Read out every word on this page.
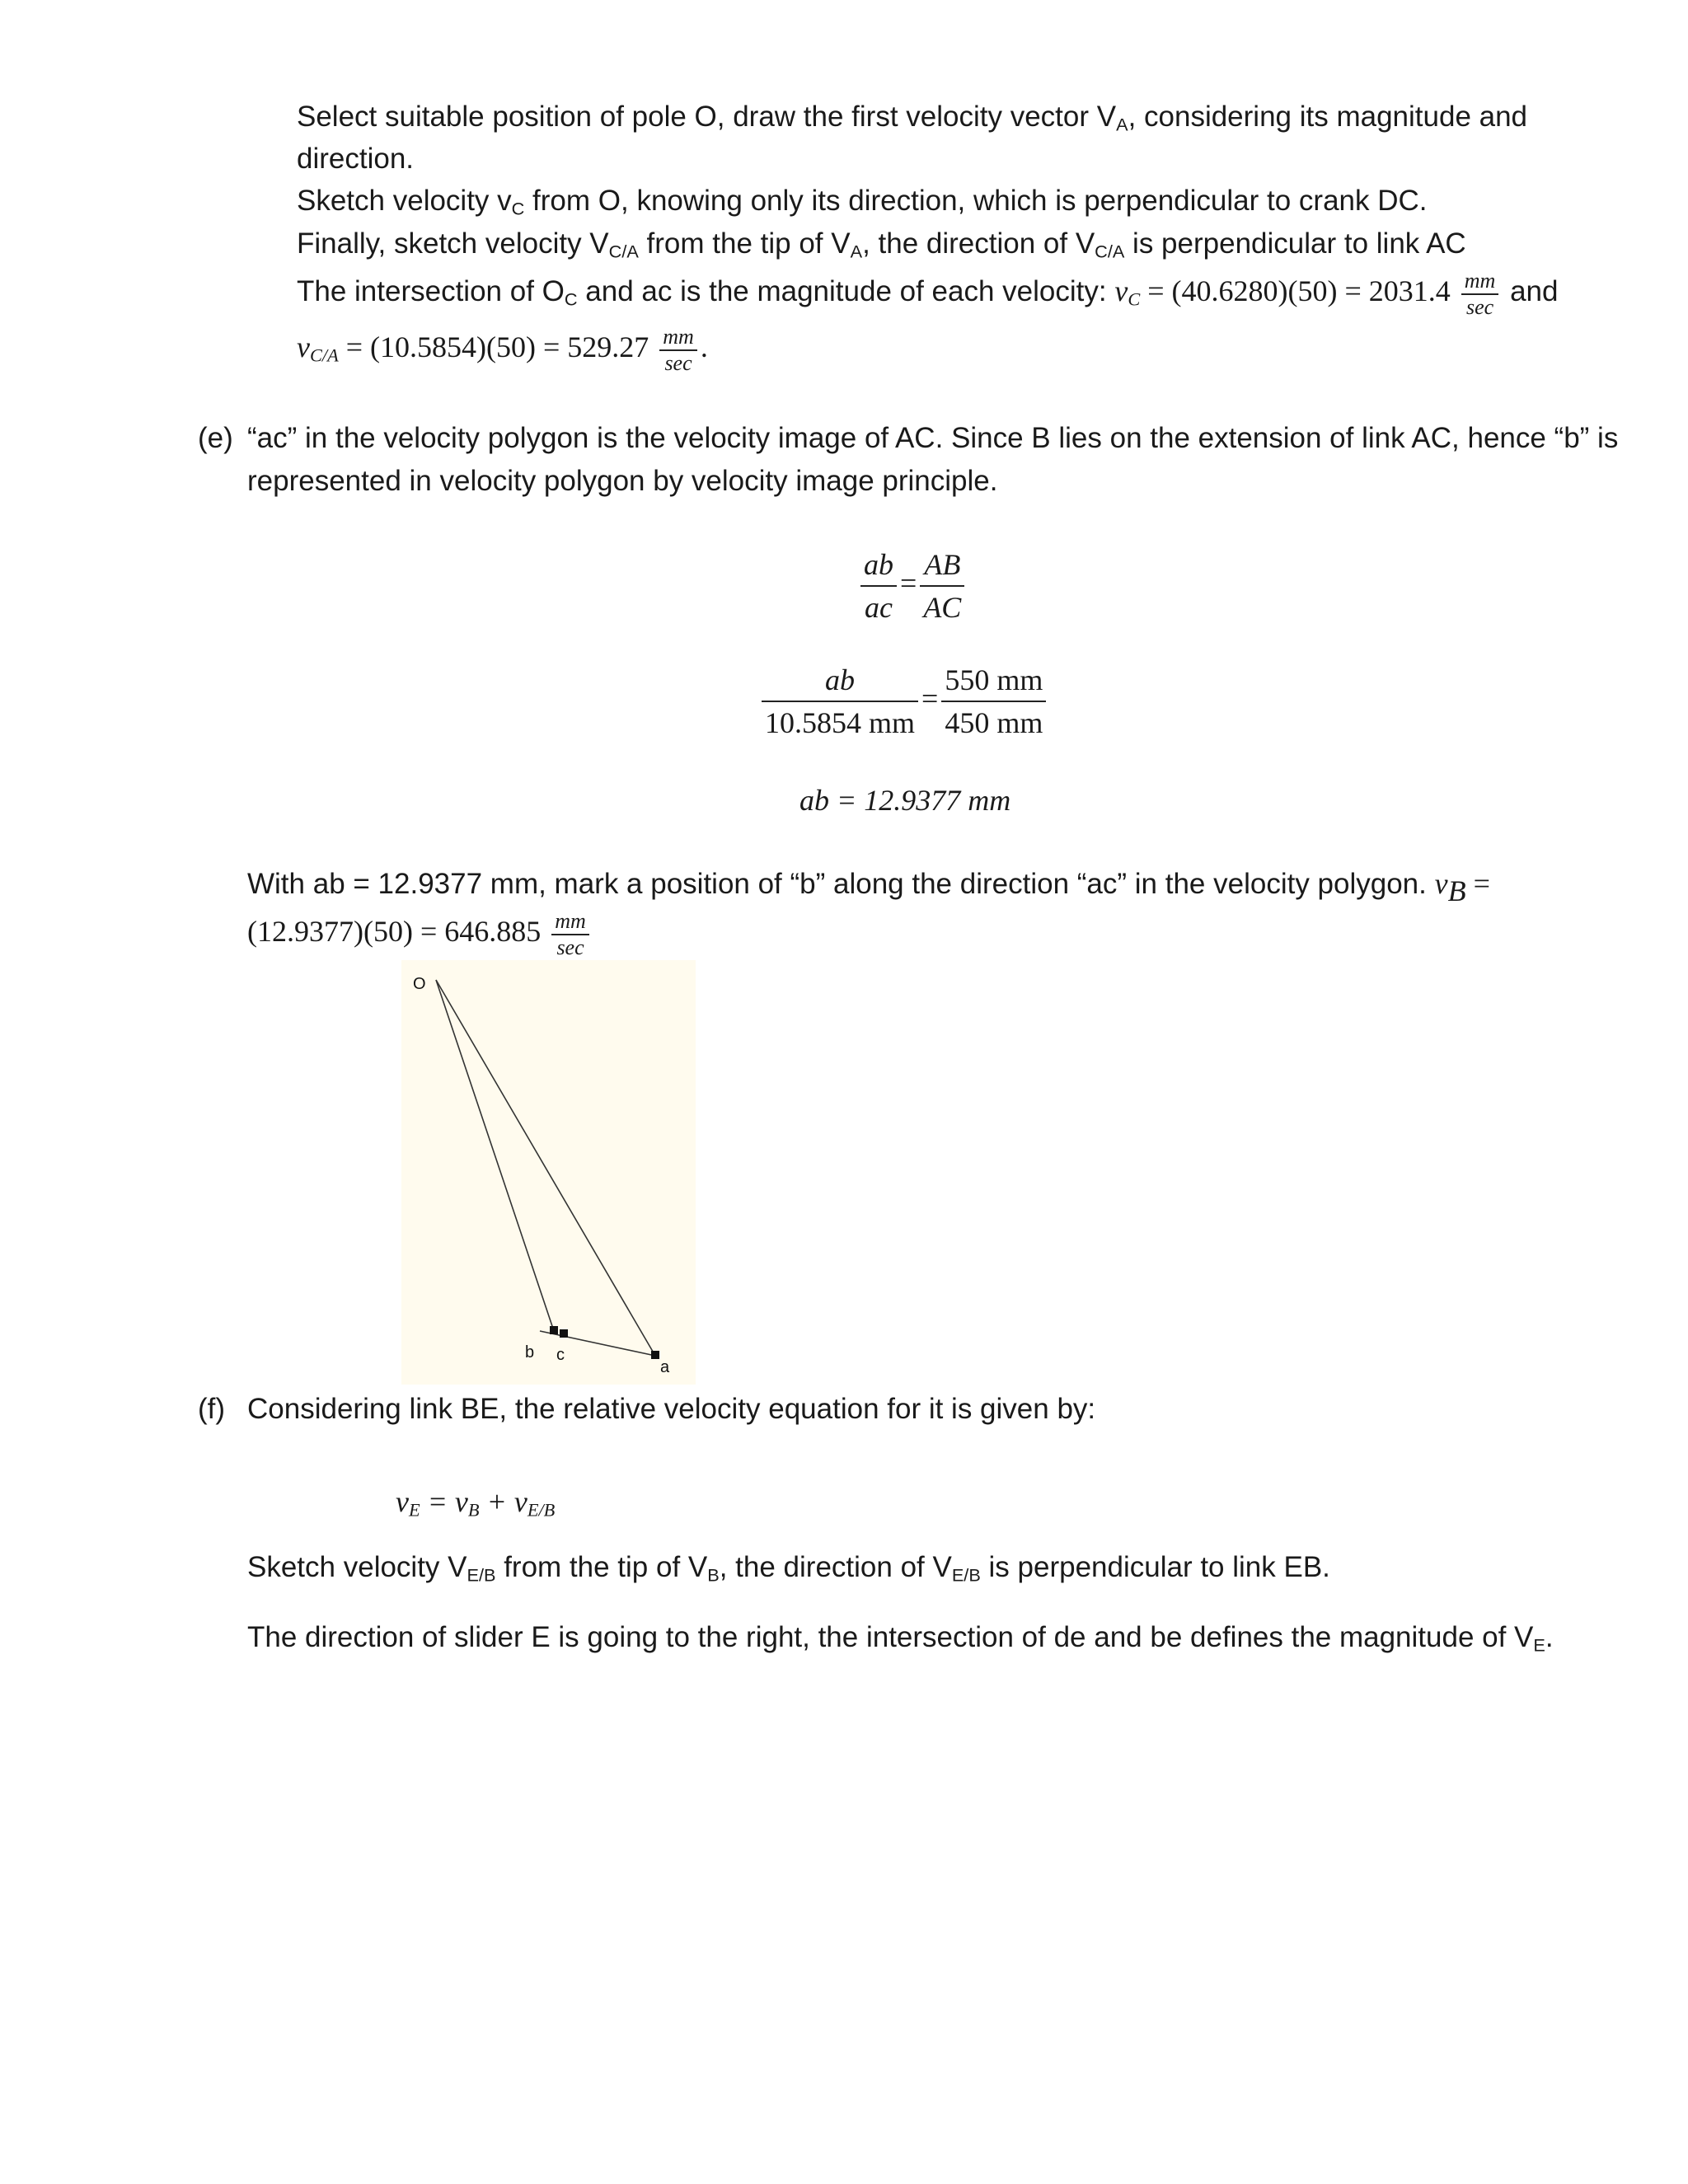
Select suitable position of pole O, draw the first velocity vector $V_A$, considering its magnitude and
direction.
Sketch velocity $v_C$ from O, knowing only its direction, which is perpendicular to crank DC.
Finally, sketch velocity $V_{C/A}$ from the tip of $V_A$, the direction of $V_{C/A}$ is perpendicular to link AC
The intersection of $O_C$ and ac is the magnitude of each velocity: $v_C = (40.6280)(50) = 2031.4 \frac{mm}{\sec}$ and
$v_{C/A} = (10.5854)(50) = 529.27 \frac{mm}{\sec}$ .
(e) “ac” in the velocity polygon is the velocity image of AC. Since B lies on the extension of link AC, hence “b” is
represented in velocity polygon by velocity image principle.
$\frac{ab}{ac} = \frac{AB}{AC}$
$\frac{ab}{10.5854 mm} = \frac{550 mm}{450 mm}$
ab = 12.9377 mm
With ab = 12.9377 mm, mark a position of “b” along the direction “ac” in the velocity polygon. $v_B$ =
$(12.9377)(50) = 646.885 \frac{mm}{\sec}$
O
b c
a
(f) Considering link BE, the relative velocity equation for it is given by:
$v_E = v_B + v_{E/B}$
Sketch velocity $V_{E/B}$ from the tip of $V_B$, the direction of $V_{E/B}$ is perpendicular to link EB.
The direction of slider E is going to the right, the intersection of de and be defines the magnitude of $V_E$.
